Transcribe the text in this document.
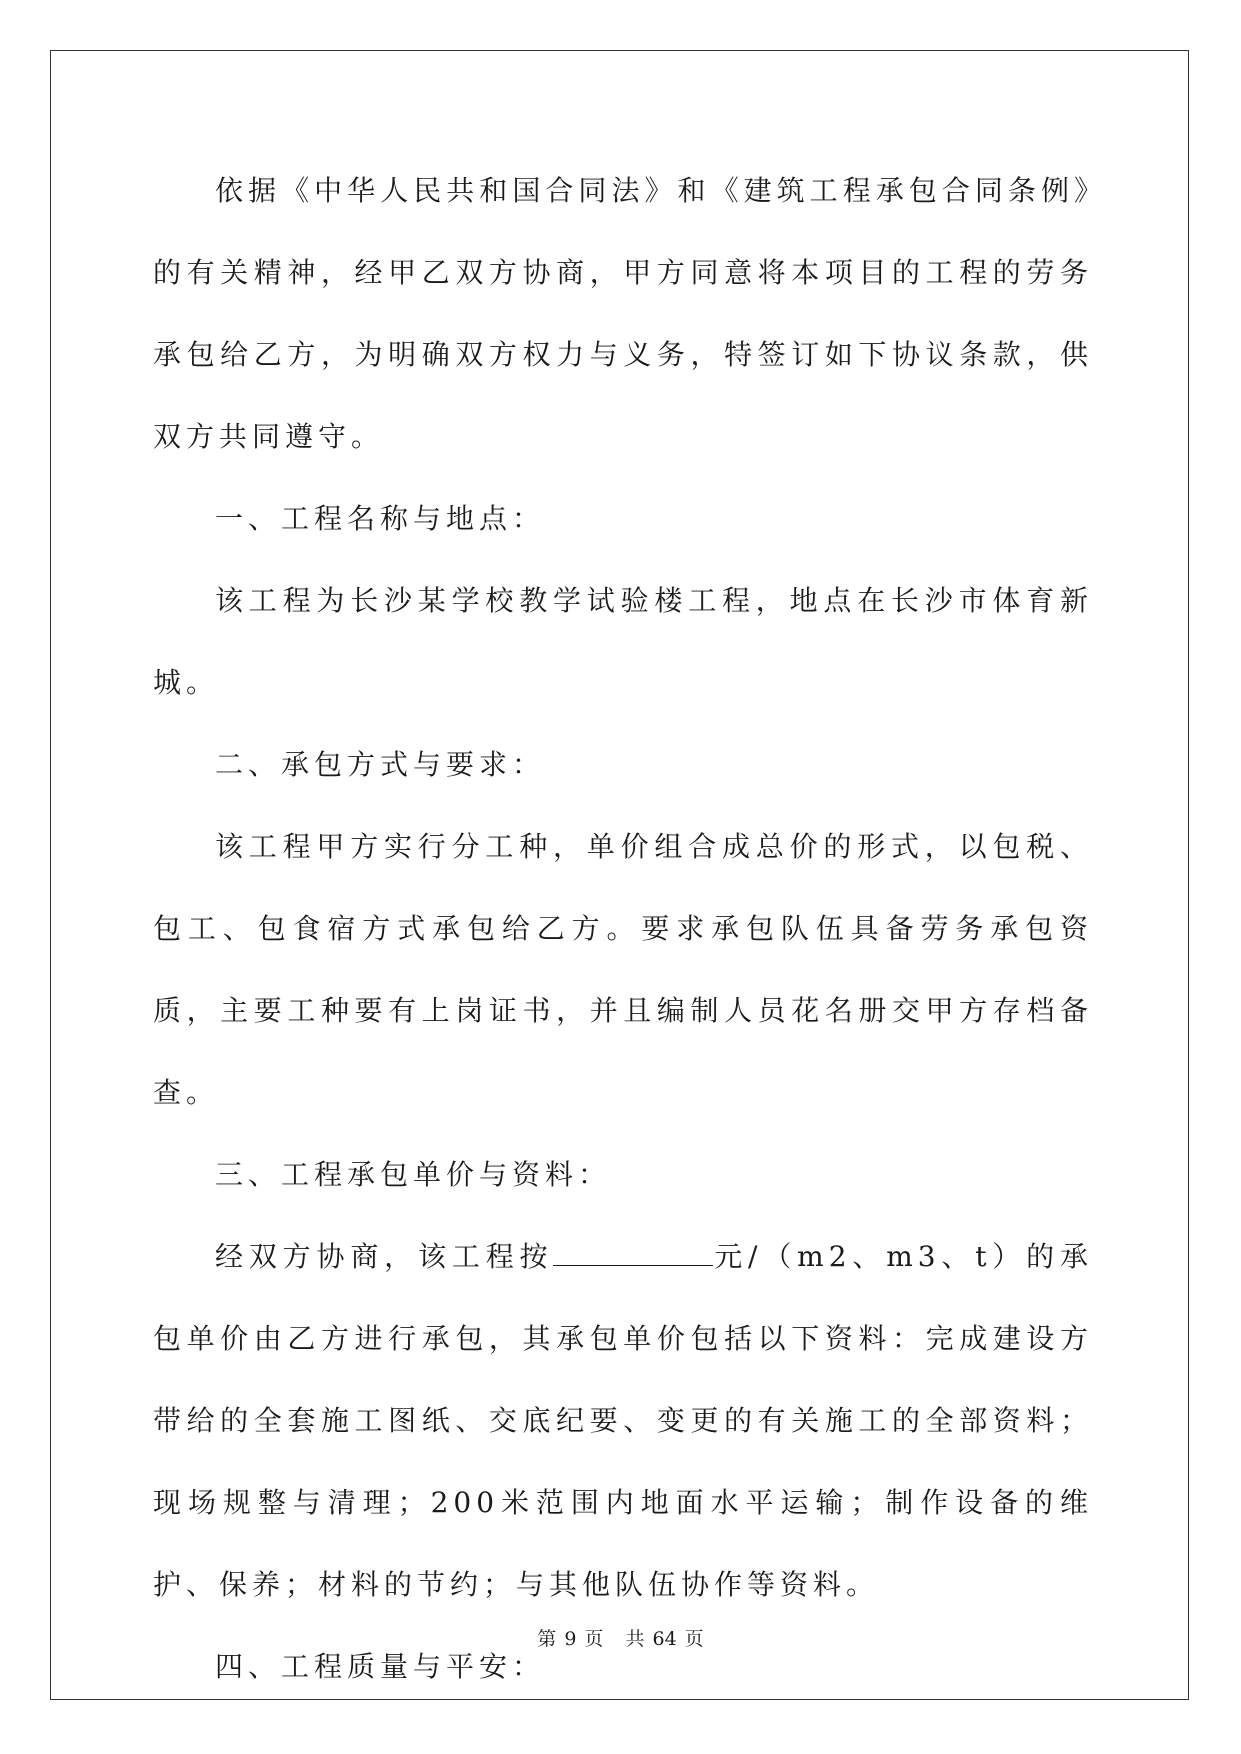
依据《中华人民共和国合同法》和《建筑工程承包合同条例》的有关精神，经甲乙双方协商，甲方同意将本项目的工程的劳务承包给乙方，为明确双方权力与义务，特签订如下协议条款，供双方共同遵守。

一、工程名称与地点：

该工程为长沙某学校教学试验楼工程，地点在长沙市体育新城。

二、承包方式与要求：

该工程甲方实行分工种，单价组合成总价的形式，以包税、包工、包食宿方式承包给乙方。要求承包队伍具备劳务承包资质，主要工种要有上岗证书，并且编制人员花名册交甲方存档备查。

三、工程承包单价与资料：

经双方协商，该工程按	元/（m2、m3、t）的承包单价由乙方进行承包，其承包单价包括以下资料：完成建设方带给的全套施工图纸、交底纪要、变更的有关施工的全部资料；现场规整与清理；200米范围内地面水平运输；制作设备的维护、保养；材料的节约；与其他队伍协作等资料。

四、工程质量与平安：

第 9 页 共 64 页
